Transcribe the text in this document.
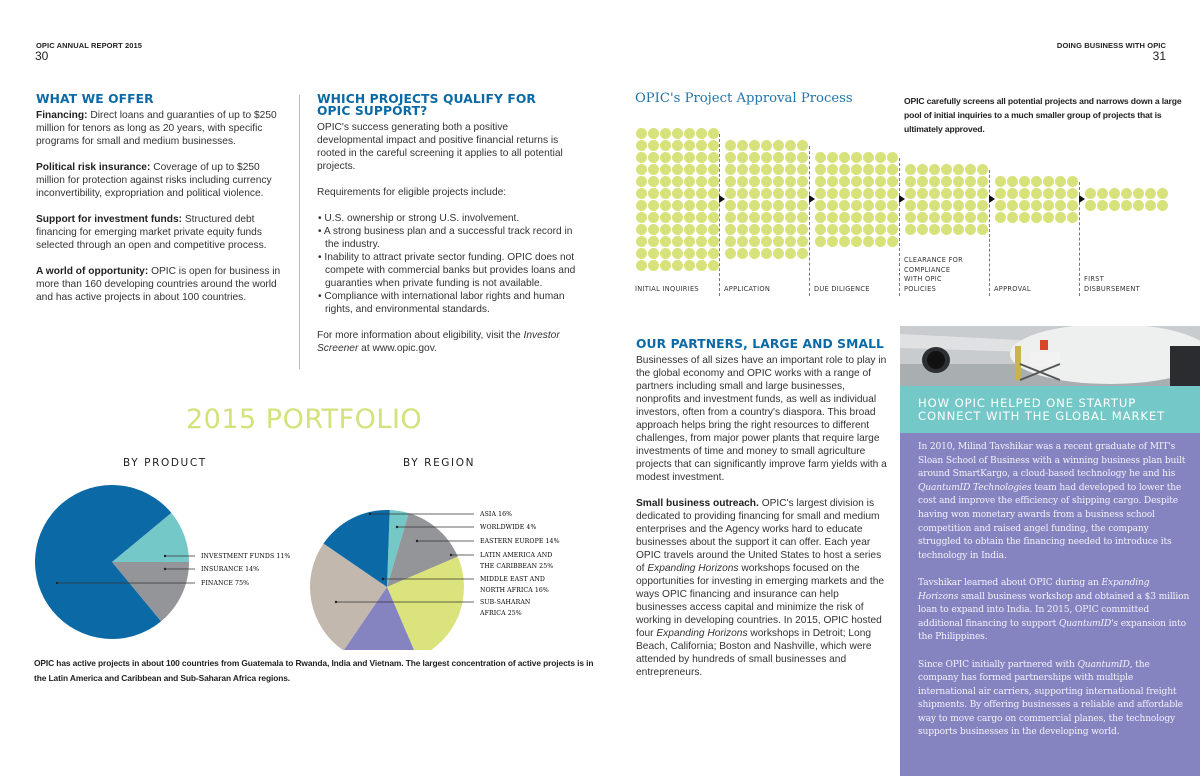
OPIC ANNUAL REPORT 2015
30
WHAT WE OFFER

Financing: Direct loans and guaranties of up to $250 million for tenors as long as 20 years, with specific programs for small and medium businesses.

Political risk insurance: Coverage of up to $250 million for protection against risks including currency inconvertibility, expropriation and political violence.

Support for investment funds: Structured debt financing for emerging market private equity funds selected through an open and competitive process.

A world of opportunity: OPIC is open for business in more than 160 developing countries around the world and has active projects in about 100 countries.

WHICH PROJECTS QUALIFY FOR OPIC SUPPORT?

OPIC's success generating both a positive developmental impact and positive financial returns is rooted in the careful screening it applies to all potential projects.

Requirements for eligible projects include:

• U.S. ownership or strong U.S. involvement.
• A strong business plan and a successful track record in the industry.
• Inability to attract private sector funding. OPIC does not compete with commercial banks but provides loans and guaranties when private funding is not available.
• Compliance with international labor rights and human rights, and environmental standards.

For more information about eligibility, visit the Investor Screener at www.opic.gov.

2015 PORTFOLIO
BY PRODUCT	BY REGION
INVESTMENT FUNDS 11%
INSURANCE 14%
FINANCE 75%
ASIA 16%
WORLDWIDE 4%
EASTERN EUROPE 14%
LATIN AMERICA AND
THE CARIBBEAN 25%
MIDDLE EAST AND
NORTH AFRICA 16%
SUB-SAHARAN
AFRICA 25%
OPIC has active projects in about 100 countries from Guatemala to Rwanda, India and Vietnam. The largest concentration of active projects is in the Latin America and Caribbean and Sub-Saharan Africa regions.
DOING BUSINESS WITH OPIC
31
OPIC's Project Approval Process	OPIC carefully screens all potential projects and narrows down a large pool of initial inquiries to a much smaller group of projects that is ultimately approved.
INITIAL INQUIRIES	APPLICATION	DUE DILIGENCE
CLEARANCE FOR
COMPLIANCE
WITH OPIC
POLICIES	APPROVAL
FIRST
DISBURSEMENT
OUR PARTNERS, LARGE AND SMALL

Businesses of all sizes have an important role to play in the global economy and OPIC works with a range of partners including small and large businesses, nonprofits and investment funds, as well as individual investors, often from a country's diaspora. This broad approach helps bring the right resources to different challenges, from major power plants that require large investments of time and money to small agriculture projects that can significantly improve farm yields with a modest investment.

Small business outreach. OPIC's largest division is dedicated to providing financing for small and medium enterprises and the Agency works hard to educate businesses about the support it can offer. Each year OPIC travels around the United States to host a series of Expanding Horizons workshops focused on the opportunities for investing in emerging markets and the ways OPIC financing and insurance can help businesses access capital and minimize the risk of working in developing countries. In 2015, OPIC hosted four Expanding Horizons workshops in Detroit; Long Beach, California; Boston and Nashville, which were attended by hundreds of small businesses and entrepreneurs.

HOW OPIC HELPED ONE STARTUP
CONNECT WITH THE GLOBAL MARKET

In 2010, Milind Tavshikar was a recent graduate of MIT's Sloan School of Business with a winning business plan built around SmartKargo, a cloud-based technology he and his QuantumID Technologies team had developed to lower the cost and improve the efficiency of shipping cargo. Despite having won monetary awards from a business school competition and raised angel funding, the company struggled to obtain the financing needed to introduce its technology in India.

Tavshikar learned about OPIC during an Expanding Horizons small business workshop and obtained a $3 million loan to expand into India. In 2015, OPIC committed additional financing to support QuantumID's expansion into the Philippines.

Since OPIC initially partnered with QuantumID, the company has formed partnerships with multiple international air carriers, supporting international freight shipments. By offering businesses a reliable and affordable way to move cargo on commercial planes, the technology supports businesses in the developing world.
